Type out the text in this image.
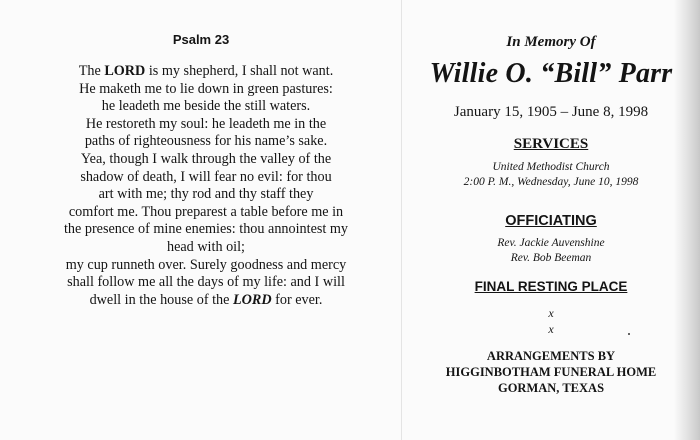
Psalm 23
The LORD is my shepherd, I shall not want.
He maketh me to lie down in green pastures:
he leadeth me beside the still waters.
He restoreth my soul: he leadeth me in the
paths of righteousness for his name’s sake.
Yea, though I walk through the valley of the
shadow of death, I will fear no evil: for thou
art with me; thy rod and thy staff they
comfort me. Thou preparest a table before me in
the presence of mine enemies: thou annointest my
head with oil;
my cup runneth over. Surely goodness and mercy
shall follow me all the days of my life: and I will
dwell in the house of the LORD for ever.
In Memory Of
Willie O. “Bill” Parr
January 15, 1905 – June 8, 1998
SERVICES
United Methodist Church
2:00 P. M., Wednesday, June 10, 1998
OFFICIATING
Rev. Jackie Auvenshine
Rev. Bob Beeman
FINAL RESTING PLACE
x
x
ARRANGEMENTS BY
HIGGINBOTHAM FUNERAL HOME
GORMAN, TEXAS
